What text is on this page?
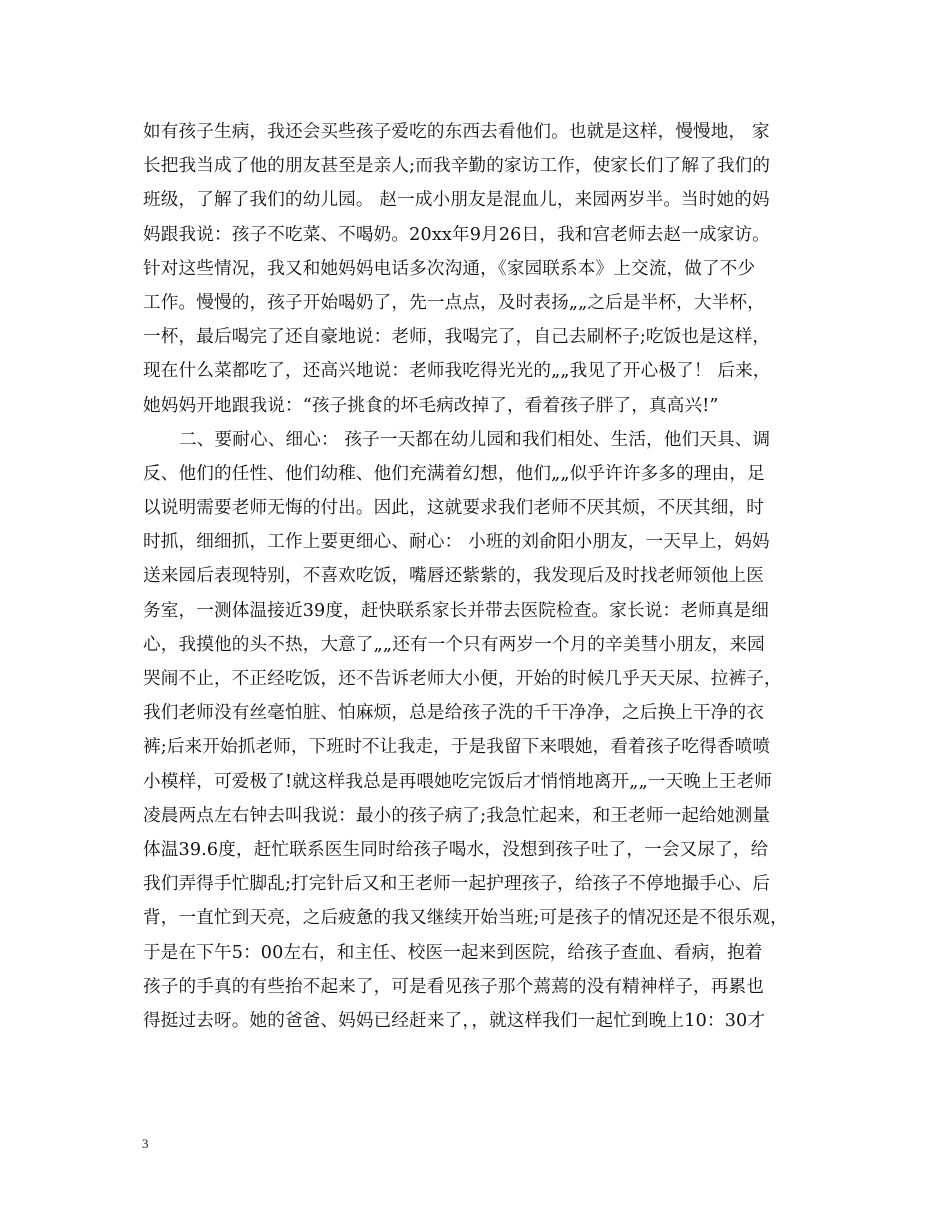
如有孩子生病，我还会买些孩子爱吃的东西去看他们。也就是这样，慢慢地， 家
长把我当成了他的朋友甚至是亲人;而我辛勤的家访工作，使家长们了解了我们的
班级，了解了我们的幼儿园。 赵一成小朋友是混血儿，来园两岁半。当时她的妈
妈跟我说：孩子不吃菜、不喝奶。20xx年9月26日，我和宫老师去赵一成家访。
针对这些情况，我又和她妈妈电话多次沟通，《家园联系本》上交流，做了不少
工作。慢慢的，孩子开始喝奶了，先一点点，及时表扬„„之后是半杯，大半杯，
一杯，最后喝完了还自豪地说：老师，我喝完了，自己去刷杯子;吃饭也是这样，
现在什么菜都吃了，还高兴地说：老师我吃得光光的„„我见了开心极了！ 后来，
她妈妈开地跟我说：“孩子挑食的坏毛病改掉了，看着孩子胖了，真高兴!”
二、要耐心、细心： 孩子一天都在幼儿园和我们相处、生活，他们天具、调
反、他们的任性、他们幼稚、他们充满着幻想，他们„„似乎许许多多的理由，足
以说明需要老师无悔的付出。因此，这就要求我们老师不厌其烦，不厌其细，时
时抓，细细抓，工作上要更细心、耐心： 小班的刘俞阳小朋友，一天早上，妈妈
送来园后表现特别，不喜欢吃饭，嘴唇还紫紫的，我发现后及时找老师领他上医
务室，一测体温接近39度，赶快联系家长并带去医院检查。家长说：老师真是细
心，我摸他的头不热，大意了„„还有一个只有两岁一个月的辛美彗小朋友，来园
哭闹不止，不正经吃饭，还不告诉老师大小便，开始的时候几乎天天尿、拉裤子，
我们老师没有丝毫怕脏、怕麻烦，总是给孩子洗的千干净净，之后换上干净的衣
裤;后来开始抓老师，下班时不让我走，于是我留下来喂她，看着孩子吃得香喷喷
小模样，可爱极了!就这样我总是再喂她吃完饭后才悄悄地离开„„一天晚上王老师
凌晨两点左右钟去叫我说：最小的孩子病了;我急忙起来，和王老师一起给她测量
体温39.6度，赶忙联系医生同时给孩子喝水，没想到孩子吐了，一会又尿了，给
我们弄得手忙脚乱;打完针后又和王老师一起护理孩子，给孩子不停地撮手心、后
背，一直忙到天亮，之后疲惫的我又继续开始当班;可是孩子的情况还是不很乐观，
于是在下午5：00左右，和主任、校医一起来到医院，给孩子查血、看病，抱着
孩子的手真的有些抬不起来了，可是看见孩子那个蔫蔫的没有精神样子，再累也
得挺过去呀。她的爸爸、妈妈已经赶来了，，就这样我们一起忙到晚上10：30才
3
